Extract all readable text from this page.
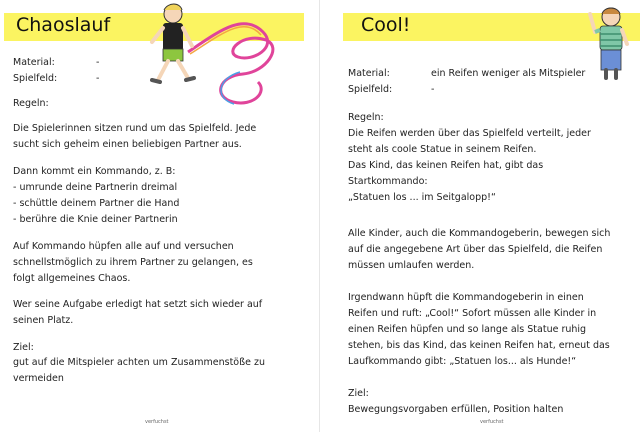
Chaoslauf
Material:	-
Spielfeld:	-
Regeln:
Die Spielerinnen sitzen rund um das Spielfeld. Jede
sucht sich geheim einen beliebigen Partner aus.
Dann kommt ein Kommando, z. B:
- umrunde deine Partnerin dreimal
- schüttle deinem Partner die Hand
- berühre die Knie deiner Partnerin
Auf Kommando hüpfen alle auf und versuchen
schnellstmöglich zu ihrem Partner zu gelangen, es
folgt allgemeines Chaos.
Wer seine Aufgabe erledigt hat setzt sich wieder auf
seinen Platz.
Ziel:
gut auf die Mitspieler achten um Zusammenstöße zu
vermeiden
verfuchst
Cool!
Material:	ein Reifen weniger als Mitspieler
Spielfeld:	-
Regeln:
Die Reifen werden über das Spielfeld verteilt, jeder
steht als coole Statue in seinem Reifen.
Das Kind, das keinen Reifen hat, gibt das
Startkommando:
„Statuen los ... im Seitgalopp!“
Alle Kinder, auch die Kommandogeberin, bewegen sich
auf die angegebene Art über das Spielfeld, die Reifen
müssen umlaufen werden.
Irgendwann hüpft die Kommandogeberin in einen
Reifen und ruft: „Cool!“ Sofort müssen alle Kinder in
einen Reifen hüpfen und so lange als Statue ruhig
stehen, bis das Kind, das keinen Reifen hat, erneut das
Laufkommando gibt: „Statuen los... als Hunde!“
Ziel:
Bewegungsvorgaben erfüllen, Position halten
verfuchst
